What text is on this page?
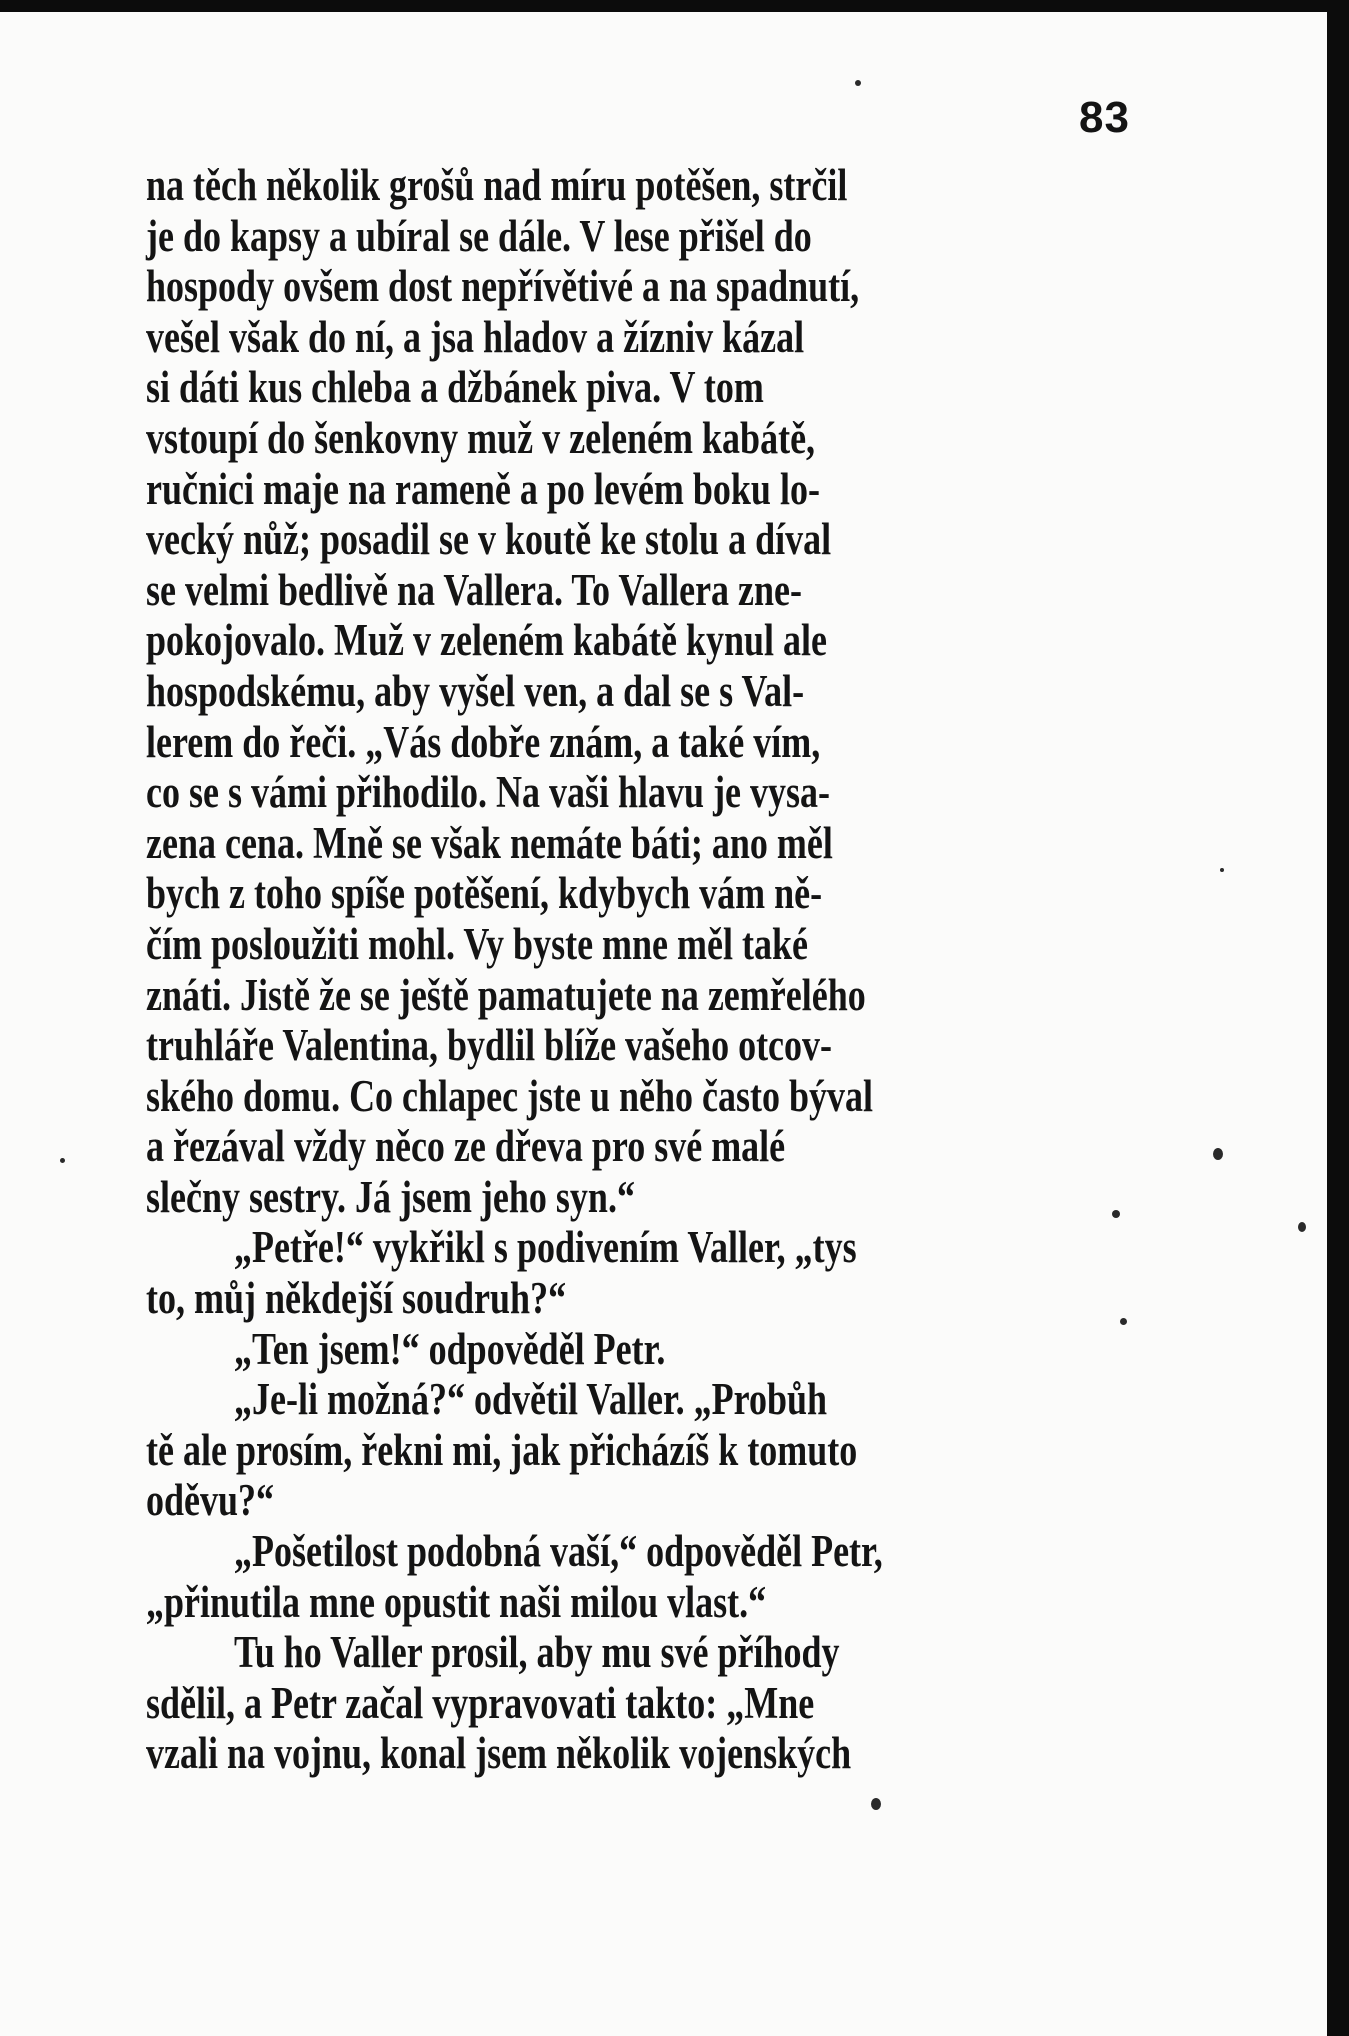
83
na těch několik grošů nad míru potěšen, strčil
je do kapsy a ubíral se dále. V lese přišel do
hospody ovšem dost nepřívětivé a na spadnutí,
vešel však do ní, a jsa hladov a žízniv kázal
si dáti kus chleba a džbánek piva. V tom
vstoupí do šenkovny muž v zeleném kabátě,
ručnici maje na rameně a po levém boku lo-
vecký nůž; posadil se v koutě ke stolu a díval
se velmi bedlivě na Vallera. To Vallera zne-
pokojovalo. Muž v zeleném kabátě kynul ale
hospodskému, aby vyšel ven, a dal se s Val-
lerem do řeči. „Vás dobře znám, a také vím,
co se s vámi přihodilo. Na vaši hlavu je vysa-
zena cena. Mně se však nemáte báti; ano měl
bych z toho spíše potěšení, kdybych vám ně-
čím posloužiti mohl. Vy byste mne měl také
znáti. Jistě že se ještě pamatujete na zemřelého
truhláře Valentina, bydlil blíže vašeho otcov-
ského domu. Co chlapec jste u něho často býval
a řezával vždy něco ze dřeva pro své malé
slečny sestry. Já jsem jeho syn.“
„Petře!“ vykřikl s podivením Valler, „tys
to, můj někdejší soudruh?“
„Ten jsem!“ odpověděl Petr.
„Je-li možná?“ odvětil Valler. „Probůh
tě ale prosím, řekni mi, jak přicházíš k tomuto
oděvu?“
„Pošetilost podobná vaší,“ odpověděl Petr,
„přinutila mne opustit naši milou vlast.“
Tu ho Valler prosil, aby mu své příhody
sdělil, a Petr začal vypravovati takto: „Mne
vzali na vojnu, konal jsem několik vojenských
